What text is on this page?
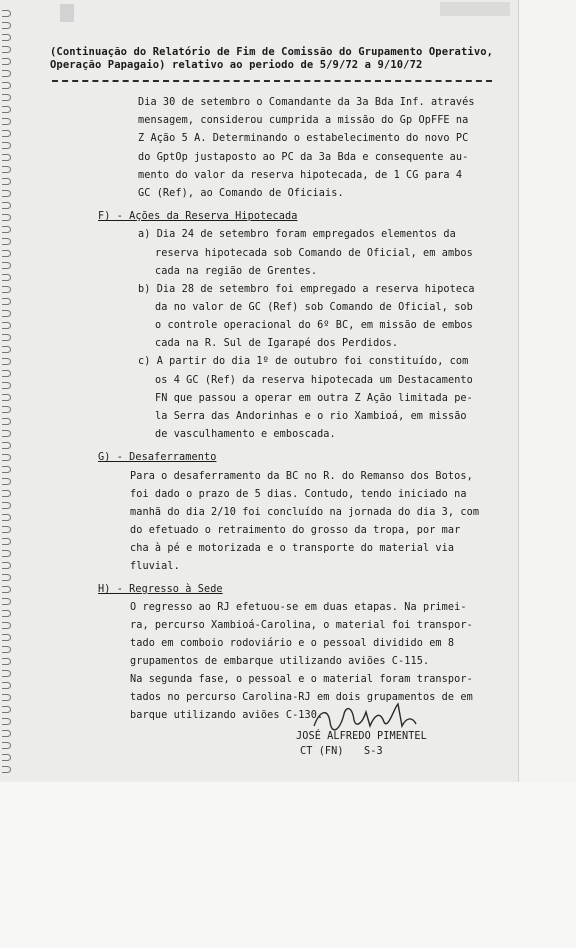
(Continuação do Relatório de Fim de Comissão do Grupamento Operativo,
Operação Papagaio) relativo ao periodo de 5/9/72 a 9/10/72
Dia 30 de setembro o Comandante da 3a Bda Inf. através
mensagem, considerou cumprida a missão do Gp OpFFE na
Z Ação 5 A. Determinando o estabelecimento do novo PC
do GptOp justaposto ao PC da 3a Bda e consequente au-
mento do valor da reserva hipotecada, de 1 CG para 4
GC (Ref), ao Comando de Oficiais.
F) - Ações da Reserva Hipotecada
a) Dia 24 de setembro foram empregados elementos da
reserva hipotecada sob Comando de Oficial, em ambos
cada na região de Grentes.
b) Dia 28 de setembro foi empregado a reserva hipoteca
da no valor de GC (Ref) sob Comando de Oficial, sob
o controle operacional do 6º BC, em missão de embos
cada na R. Sul de Igarapé dos Perdidos.
c) A partir do dia 1º de outubro foi constituído, com
os 4 GC (Ref) da reserva hipotecada um Destacamento
FN que passou a operar em outra Z Ação limitada pe-
la Serra das Andorinhas e o rio Xambioá, em missão
de vasculhamento e emboscada.
G) - Desaferramento
Para o desaferramento da BC no R. do Remanso dos Botos,
foi dado o prazo de 5 dias. Contudo, tendo iniciado na
manhã do dia 2/10 foi concluído na jornada do dia 3, com
do efetuado o retraimento do grosso da tropa, por mar
cha à pé e motorizada e o transporte do material via
fluvial.
H) - Regresso à Sede
O regresso ao RJ efetuou-se em duas etapas. Na primei-
ra, percurso Xambioá-Carolina, o material foi transpor-
tado em comboio rodoviário e o pessoal dividido em 8
grupamentos de embarque utilizando aviões C-115.
Na segunda fase, o pessoal e o material foram transpor-
tados no percurso Carolina-RJ em dois grupamentos de em
barque utilizando aviões C-130.
JOSÉ ALFREDO PIMENTEL
CT (FN) S-3
